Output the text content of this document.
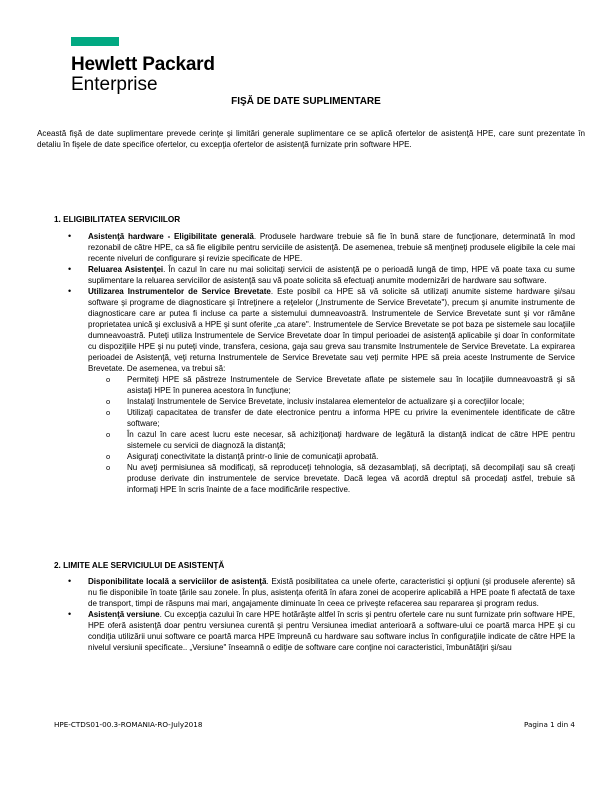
Hewlett Packard
Enterprise
FIŞĂ DE DATE SUPLIMENTARE
Această fişă de date suplimentare prevede cerinţe şi limitări generale suplimentare ce se aplică ofertelor de asistenţă HPE, care sunt prezentate în detaliu în fişele de date specifice ofertelor, cu excepţia ofertelor de asistenţă furnizate prin software HPE.
1. ELIGIBILITATEA SERVICIILOR
• Asistenţă hardware - Eligibilitate generală. Produsele hardware trebuie să fie în bună stare de funcţionare, determinată în mod rezonabil de către HPE, ca să fie eligibile pentru serviciile de asistenţă. De asemenea, trebuie să menţineţi produsele eligibile la cele mai recente niveluri de configurare şi revizie specificate de HPE.
• Reluarea Asistenţei. În cazul în care nu mai solicitaţi servicii de asistenţă pe o perioadă lungă de timp, HPE vă poate taxa cu sume suplimentare la reluarea serviciilor de asistenţă sau vă poate solicita să efectuaţi anumite modernizări de hardware sau software.
• Utilizarea Instrumentelor de Service Brevetate. Este posibil ca HPE să vă solicite să utilizaţi anumite sisteme hardware şi/sau software şi programe de diagnosticare şi întreţinere a reţelelor („Instrumente de Service Brevetate"), precum şi anumite instrumente de diagnosticare care ar putea fi incluse ca parte a sistemului dumneavoastră. Instrumentele de Service Brevetate sunt şi vor rămâne proprietatea unică şi exclusivă a HPE şi sunt oferite „ca atare". Instrumentele de Service Brevetate se pot baza pe sistemele sau locaţiile dumneavoastră. Puteţi utiliza Instrumentele de Service Brevetate doar în timpul perioadei de asistenţă aplicabile şi doar în conformitate cu dispoziţiile HPE şi nu puteţi vinde, transfera, cesiona, gaja sau greva sau transmite Instrumentele de Service Brevetate. La expirarea perioadei de Asistenţă, veţi returna Instrumentele de Service Brevetate sau veţi permite HPE să preia aceste Instrumente de Service Brevetate. De asemenea, va trebui să:
o Permiteţi HPE să păstreze Instrumentele de Service Brevetate aflate pe sistemele sau în locaţiile dumneavoastră şi să asistaţi HPE în punerea acestora în funcţiune;
o Instalaţi Instrumentele de Service Brevetate, inclusiv instalarea elementelor de actualizare şi a corecţiilor locale;
o Utilizaţi capacitatea de transfer de date electronice pentru a informa HPE cu privire la evenimentele identificate de către software;
o În cazul în care acest lucru este necesar, să achiziţionaţi hardware de legătură la distanţă indicat de către HPE pentru sistemele cu servicii de diagnoză la distanţă;
o Asiguraţi conectivitate la distanţă printr-o linie de comunicaţii aprobată.
o Nu aveţi permisiunea să modificaţi, să reproduceţi tehnologia, să dezasamblaţi, să decriptaţi, să decompilaţi sau să creaţi produse derivate din instrumentele de service brevetate. Dacă legea vă acordă dreptul să procedaţi astfel, trebuie să informaţi HPE în scris înainte de a face modificările respective.
2. LIMITE ALE SERVICIULUI DE ASISTENŢĂ
• Disponibilitate locală a serviciilor de asistenţă. Există posibilitatea ca unele oferte, caracteristici şi opţiuni (şi produsele aferente) să nu fie disponibile în toate ţările sau zonele. În plus, asistenţa oferită în afara zonei de acoperire aplicabilă a HPE poate fi afectată de taxe de transport, timpi de răspuns mai mari, angajamente diminuate în ceea ce priveşte refacerea sau repararea şi program redus.
• Asistenţă versiune. Cu excepţia cazului în care HPE hotărăşte altfel în scris şi pentru ofertele care nu sunt furnizate prin software HPE, HPE oferă asistenţă doar pentru versiunea curentă şi pentru Versiunea imediat anterioară a software-ului ce poartă marca HPE şi cu condiţia utilizării unui software ce poartă marca HPE împreună cu hardware sau software inclus în configuraţiile indicate de către HPE la nivelul versiunii specificate.. „Versiune" înseamnă o ediţie de software care conţine noi caracteristici, îmbunătăţiri şi/sau
HPE-CTDS01-00.3-ROMANIA-RO-July2018	Pagina 1 din 4
